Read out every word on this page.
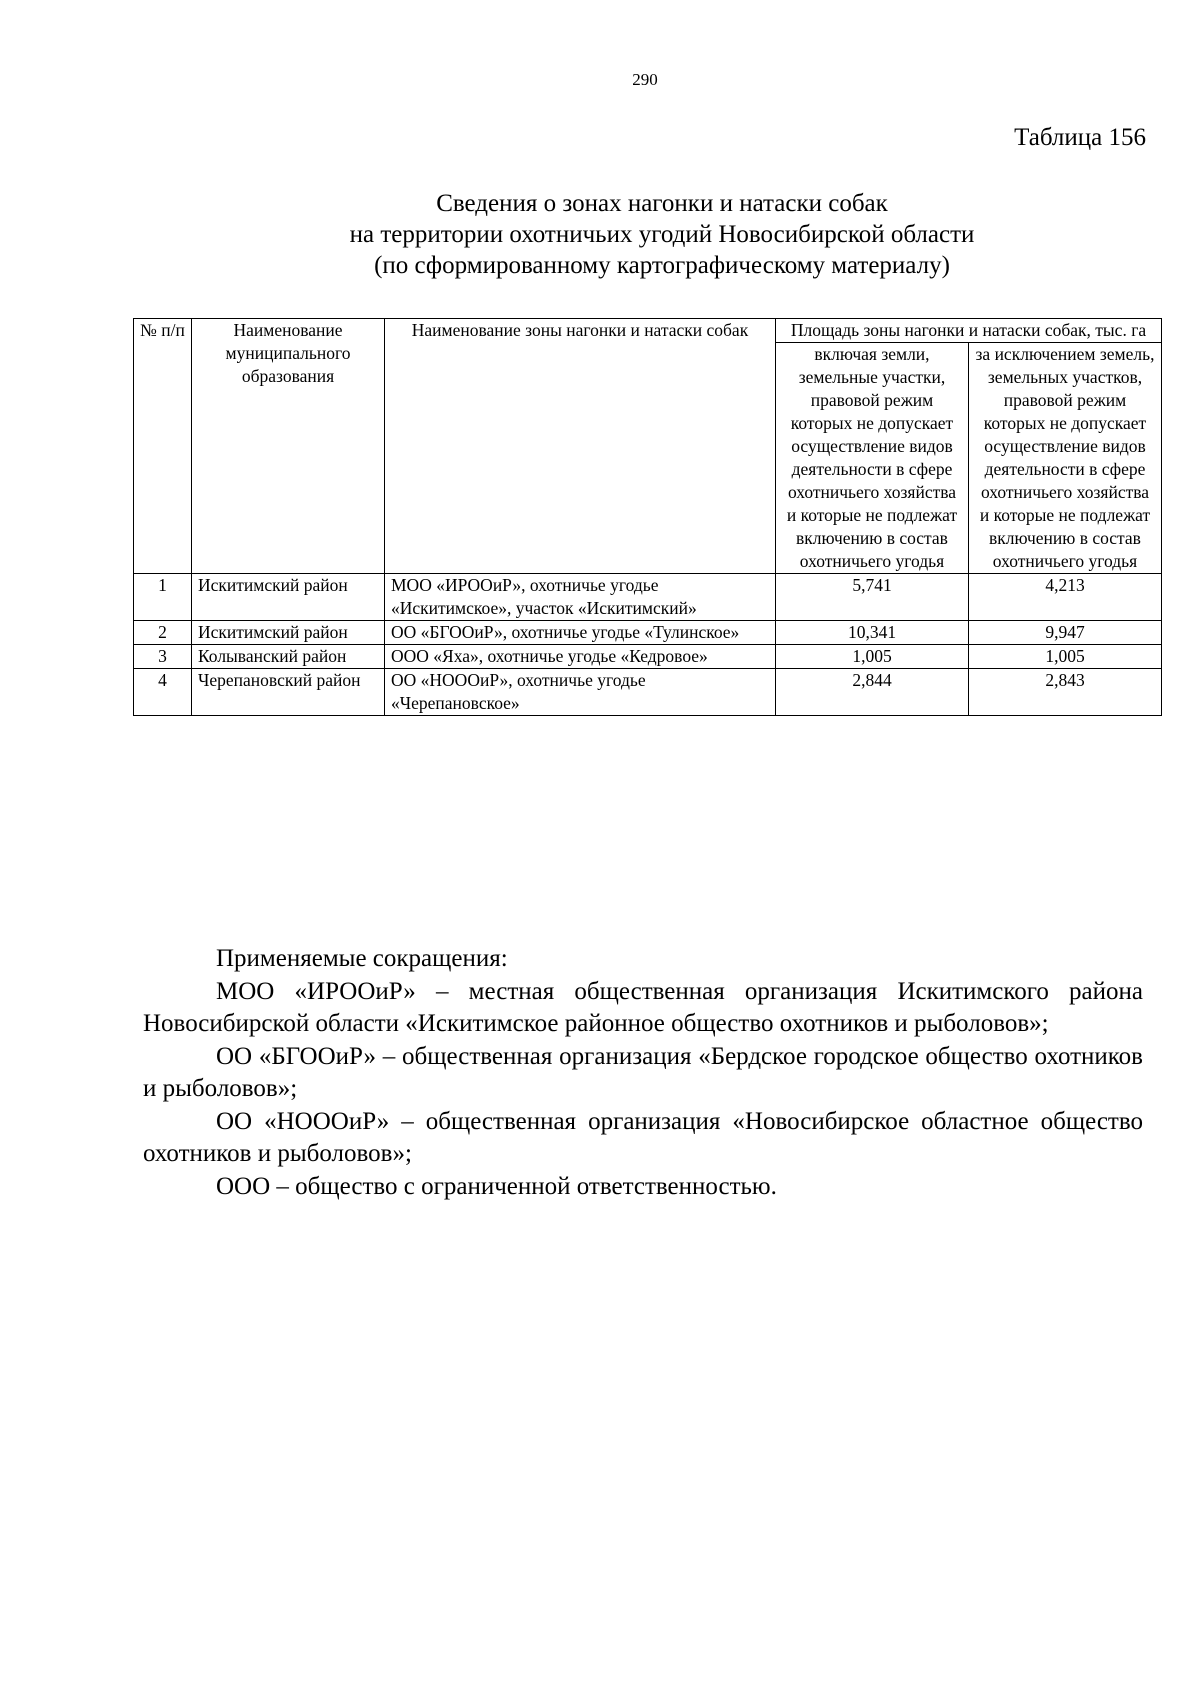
290
Таблица 156
Сведения о зонах нагонки и натаски собак
на территории охотничьих угодий Новосибирской области
(по сформированному картографическому материалу)
№ п/п	Наименование муниципального образования	Наименование зоны нагонки и натаски собак	Площадь зоны нагонки и натаски собак, тыс. га	
			включая земли, земельные участки, правовой режим которых не допускает осуществление видов деятельности в сфере охотничьего хозяйства и которые не подлежат включению в состав охотничьего угодья	за исключением земель, земельных участков, правовой режим которых не допускает осуществление видов деятельности в сфере охотничьего хозяйства и которые не подлежат включению в состав охотничьего угодья
1	Искитимский район	МОО «ИРООиР», охотничье угодье «Искитимское», участок «Искитимский»	5,741	4,213
2	Искитимский район	ОО «БГООиР», охотничье угодье «Тулинское»	10,341	9,947
3	Колыванский район	ООО «Яха», охотничье угодье «Кедровое»	1,005	1,005
4	Черепановский район	ОО «НОООиР», охотничье угодье «Черепановское»	2,844	2,843

Применяемые сокращения:

МОО «ИРООиР» – местная общественная организация Искитимского района Новосибирской области «Искитимское районное общество охотников и рыболовов»;

ОО «БГООиР» – общественная организация «Бердское городское общество охотников и рыболовов»;

ОО «НОООиР» – общественная организация «Новосибирское областное общество охотников и рыболовов»;

ООО – общество с ограниченной ответственностью.
